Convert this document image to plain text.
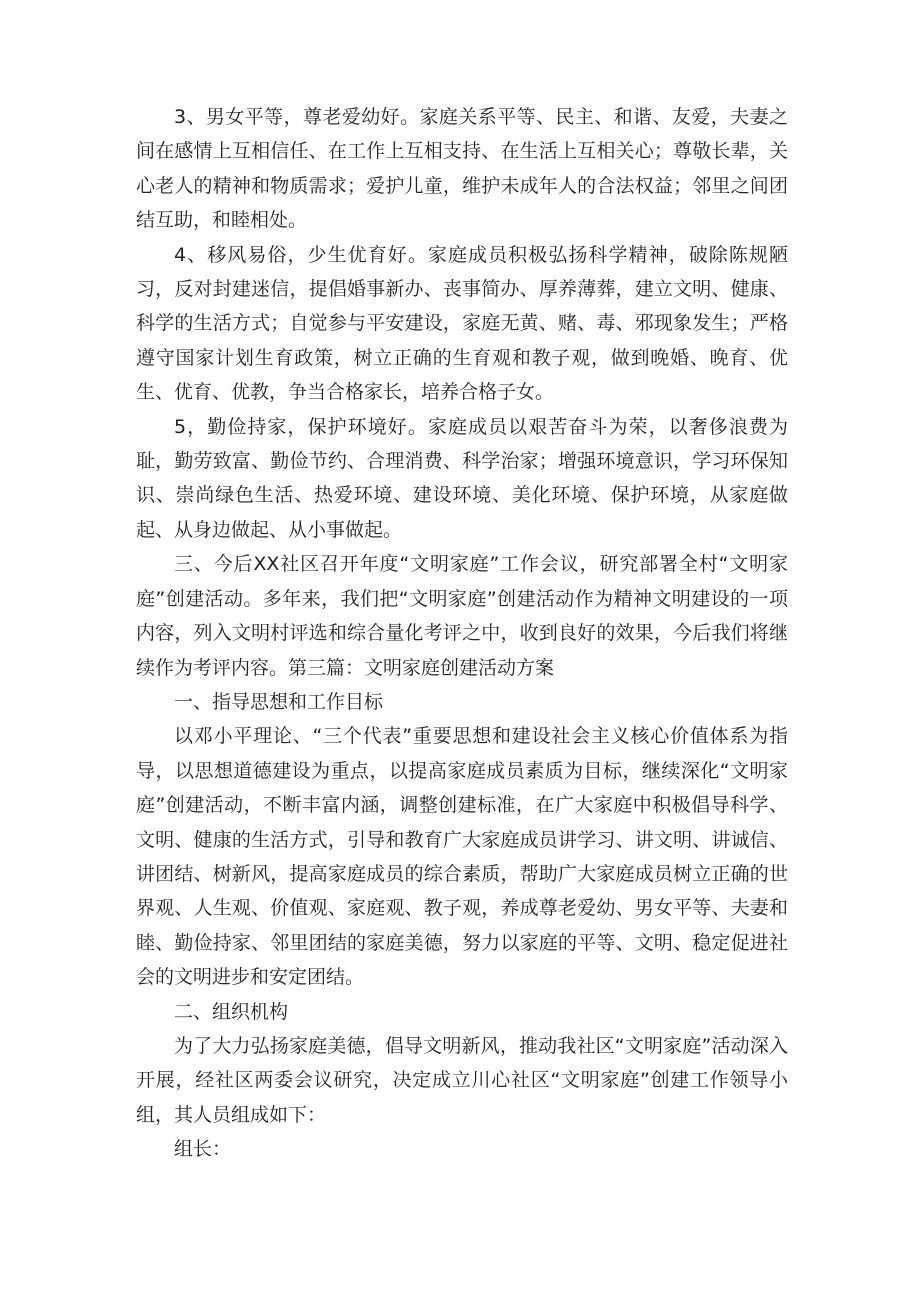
3、男女平等，尊老爱幼好。家庭关系平等、民主、和谐、友爱，夫妻之间在感情上互相信任、在工作上互相支持、在生活上互相关心；尊敬长辈，关心老人的精神和物质需求；爱护儿童，维护未成年人的合法权益；邻里之间团结互助，和睦相处。

4、移风易俗，少生优育好。家庭成员积极弘扬科学精神，破除陈规陋习，反对封建迷信，提倡婚事新办、丧事简办、厚养薄葬，建立文明、健康、科学的生活方式；自觉参与平安建设，家庭无黄、赌、毒、邪现象发生；严格遵守国家计划生育政策，树立正确的生育观和教子观，做到晚婚、晚育、优生、优育、优教，争当合格家长，培养合格子女。

5，勤俭持家，保护环境好。家庭成员以艰苦奋斗为荣，以奢侈浪费为耻，勤劳致富、勤俭节约、合理消费、科学治家；增强环境意识，学习环保知识、崇尚绿色生活、热爱环境、建设环境、美化环境、保护环境，从家庭做起、从身边做起、从小事做起。

三、今后XX社区召开年度“文明家庭”工作会议，研究部署全村“文明家庭”创建活动。多年来，我们把“文明家庭”创建活动作为精神文明建设的一项内容，列入文明村评选和综合量化考评之中，收到良好的效果，今后我们将继续作为考评内容。第三篇：文明家庭创建活动方案

一、指导思想和工作目标

以邓小平理论、“三个代表”重要思想和建设社会主义核心价值体系为指导，以思想道德建设为重点，以提高家庭成员素质为目标，继续深化“文明家庭”创建活动，不断丰富内涵，调整创建标准，在广大家庭中积极倡导科学、文明、健康的生活方式，引导和教育广大家庭成员讲学习、讲文明、讲诚信、讲团结、树新风，提高家庭成员的综合素质，帮助广大家庭成员树立正确的世界观、人生观、价值观、家庭观、教子观，养成尊老爱幼、男女平等、夫妻和睦、勤俭持家、邻里团结的家庭美德，努力以家庭的平等、文明、稳定促进社会的文明进步和安定团结。

二、组织机构

为了大力弘扬家庭美德，倡导文明新风，推动我社区“文明家庭”活动深入开展，经社区两委会议研究，决定成立川心社区“文明家庭”创建工作领导小组，其人员组成如下：

组长：
